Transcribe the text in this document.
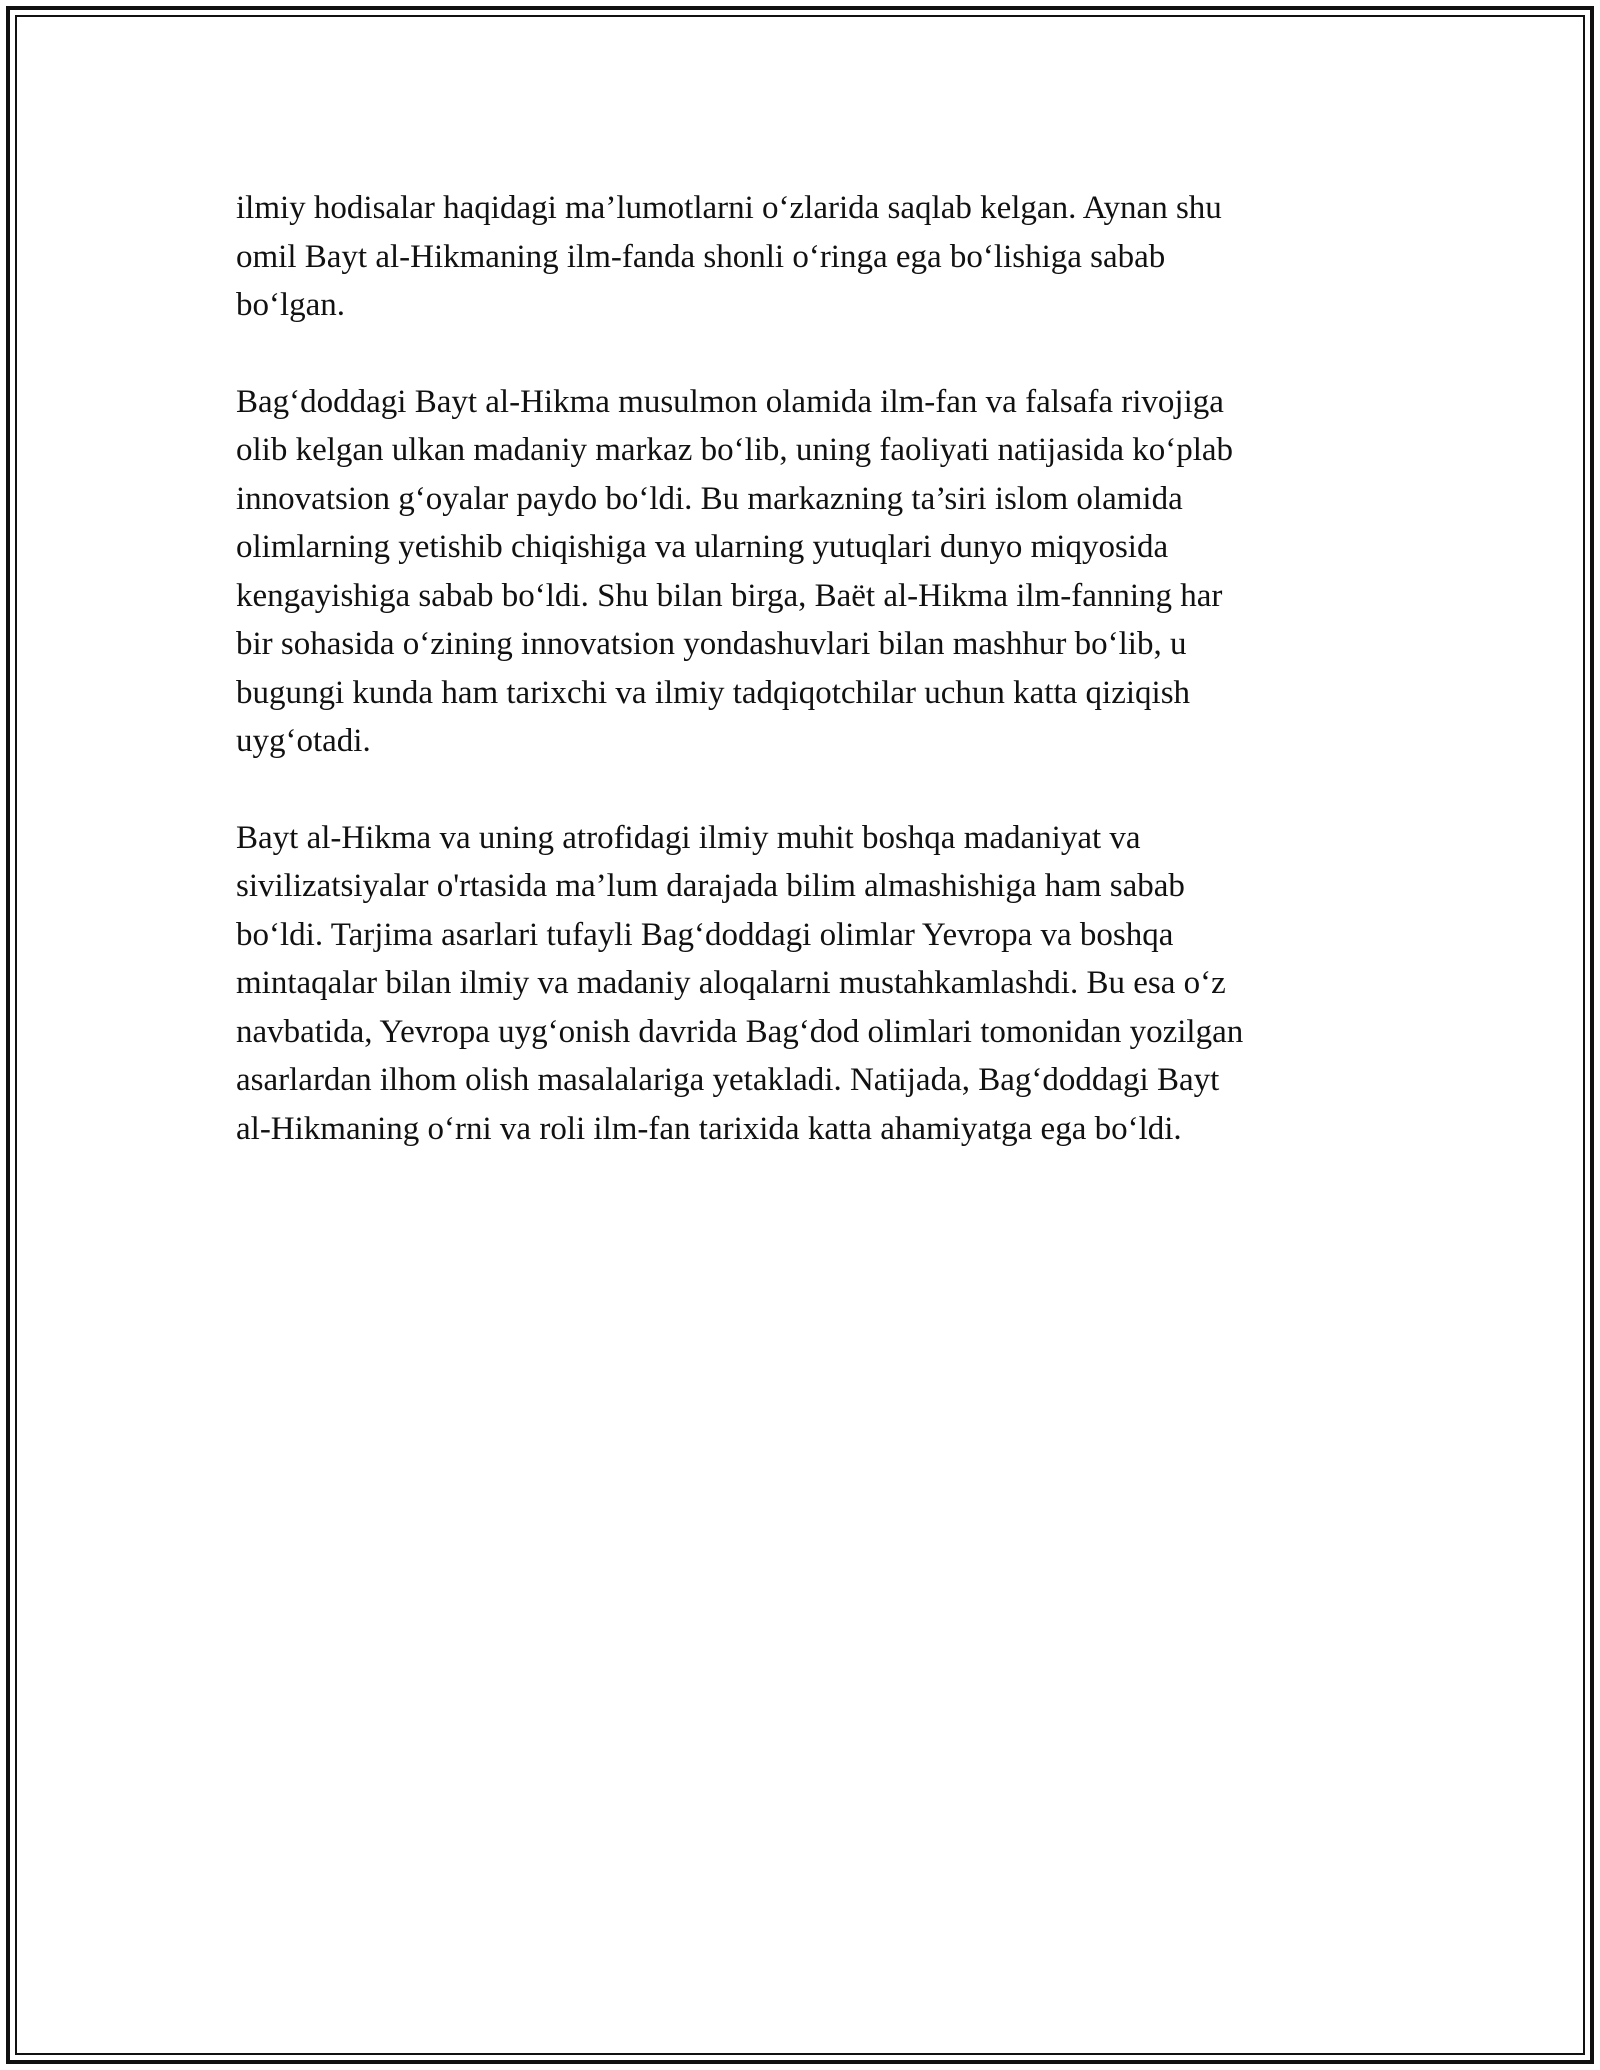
ilmiy hodisalar haqidagi ma’lumotlarni o‘zlarida saqlab kelgan. Aynan shu
omil Bayt al-Hikmaning ilm-fanda shonli o‘ringa ega bo‘lishiga sabab
bo‘lgan.

Bag‘doddagi Bayt al-Hikma musulmon olamida ilm-fan va falsafa rivojiga
olib kelgan ulkan madaniy markaz bo‘lib, uning faoliyati natijasida ko‘plab
innovatsion g‘oyalar paydo bo‘ldi. Bu markazning ta’siri islom olamida
olimlarning yetishib chiqishiga va ularning yutuqlari dunyo miqyosida
kengayishiga sabab bo‘ldi. Shu bilan birga, Baët al-Hikma ilm-fanning har
bir sohasida o‘zining innovatsion yondashuvlari bilan mashhur bo‘lib, u
bugungi kunda ham tarixchi va ilmiy tadqiqotchilar uchun katta qiziqish
uyg‘otadi.

Bayt al-Hikma va uning atrofidagi ilmiy muhit boshqa madaniyat va
sivilizatsiyalar o'rtasida ma’lum darajada bilim almashishiga ham sabab
bo‘ldi. Tarjima asarlari tufayli Bag‘doddagi olimlar Yevropa va boshqa
mintaqalar bilan ilmiy va madaniy aloqalarni mustahkamlashdi. Bu esa o‘z
navbatida, Yevropa uyg‘onish davrida Bag‘dod olimlari tomonidan yozilgan
asarlardan ilhom olish masalalariga yetakladi. Natijada, Bag‘doddagi Bayt
al-Hikmaning o‘rni va roli ilm-fan tarixida katta ahamiyatga ega bo‘ldi.
